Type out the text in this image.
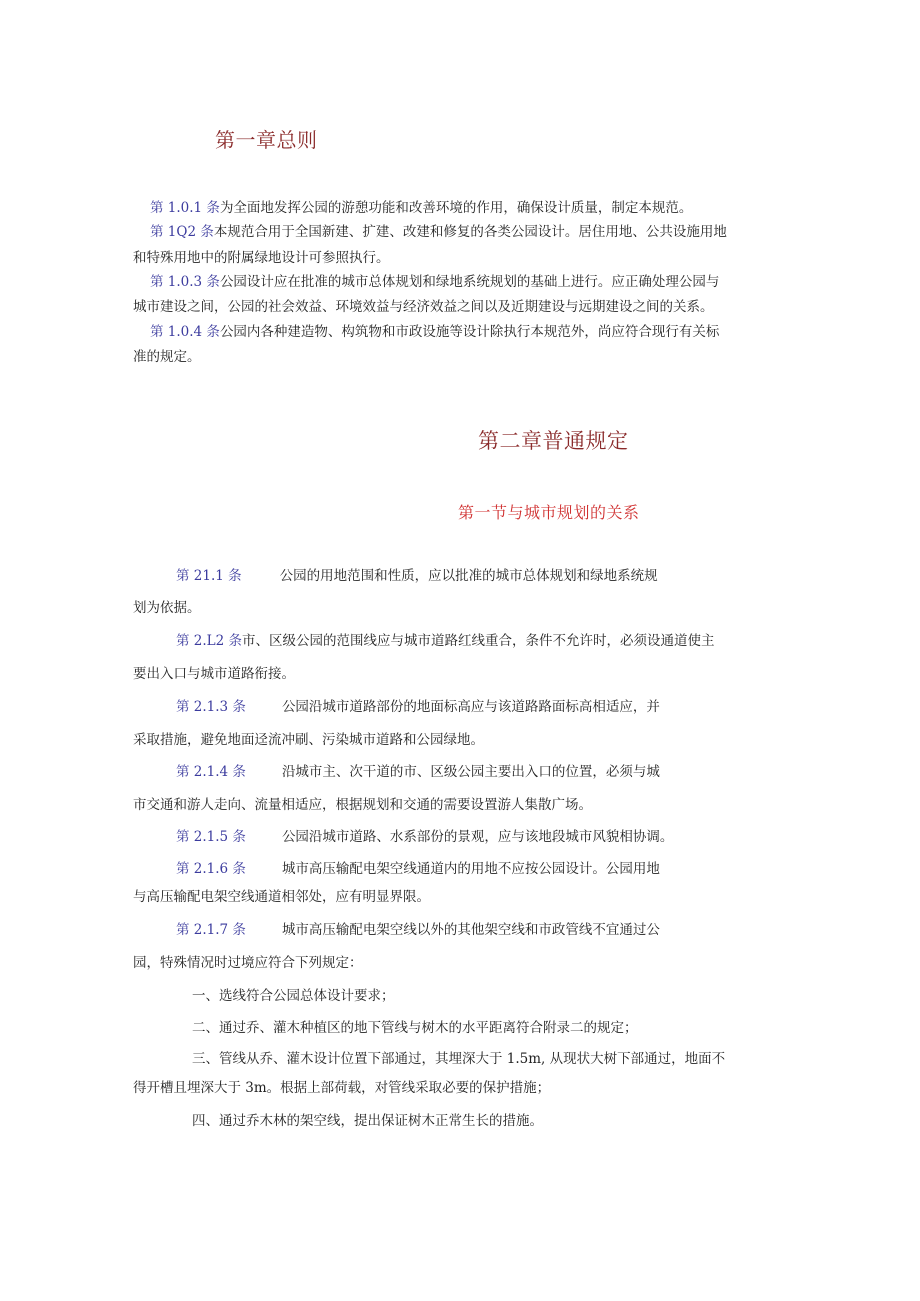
第一章总则
第 1.0.1 条为全面地发挥公园的游憩功能和改善环境的作用，确保设计质量，制定本规范。
第 1Q2 条本规范合用于全国新建、扩建、改建和修复的各类公园设计。居住用地、公共设施用地
和特殊用地中的附属绿地设计可参照执行。
第 1.0.3 条公园设计应在批准的城市总体规划和绿地系统规划的基础上进行。应正确处理公园与
城市建设之间，公园的社会效益、环境效益与经济效益之间以及近期建设与远期建设之间的关系。
第 1.0.4 条公园内各种建造物、构筑物和市政设施等设计除执行本规范外，尚应符合现行有关标
准的规定。
第二章普通规定
第一节与城市规划的关系
第 21.1 条	公园的用地范围和性质，应以批准的城市总体规划和绿地系统规
划为依据。
第 2.L2 条市、区级公园的范围线应与城市道路红线重合，条件不允许时，必须设通道使主
要出入口与城市道路衔接。
第 2.1.3 条	公园沿城市道路部份的地面标高应与该道路路面标高相适应，并
采取措施，避免地面迳流冲刷、污染城市道路和公园绿地。
第 2.1.4 条	沿城市主、次干道的市、区级公园主要出入口的位置，必须与城
市交通和游人走向、流量相适应，根据规划和交通的需要设置游人集散广场。
第 2.1.5 条	公园沿城市道路、水系部份的景观，应与该地段城市风貌相协调。
第 2.1.6 条	城市高压输配电架空线通道内的用地不应按公园设计。公园用地
与高压输配电架空线通道相邻处，应有明显界限。
第 2.1.7 条	城市高压输配电架空线以外的其他架空线和市政管线不宜通过公
园，特殊情况时过境应符合下列规定：
一、选线符合公园总体设计要求；
二、通过乔、灌木种植区的地下管线与树木的水平距离符合附录二的规定；
三、管线从乔、灌木设计位置下部通过，其埋深大于 1.5m, 从现状大树下部通过，地面不
得开槽且埋深大于 3m。根据上部荷载，对管线采取必要的保护措施；
四、通过乔木林的架空线，提出保证树木正常生长的措施。
